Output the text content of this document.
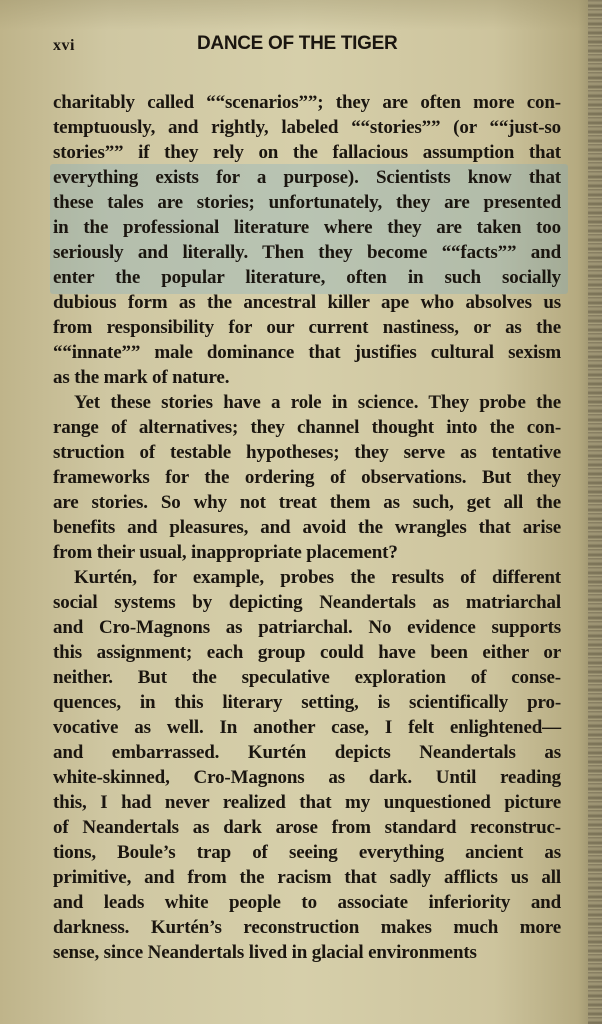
xvi	DANCE OF THE TIGER
charitably called ““scenarios””; they are often more con-
temptuously, and rightly, labeled ““stories”” (or ““just-so
stories”” if they rely on the fallacious assumption that
everything exists for a purpose). Scientists know that
these tales are stories; unfortunately, they are presented
in the professional literature where they are taken too
seriously and literally. Then they become ““facts”” and
enter the popular literature, often in such socially
dubious form as the ancestral killer ape who absolves us
from responsibility for our current nastiness, or as the
““innate”” male dominance that justifies cultural sexism
as the mark of nature.
Yet these stories have a role in science. They probe the
range of alternatives; they channel thought into the con-
struction of testable hypotheses; they serve as tentative
frameworks for the ordering of observations. But they
are stories. So why not treat them as such, get all the
benefits and pleasures, and avoid the wrangles that arise
from their usual, inappropriate placement?
Kurtén, for example, probes the results of different
social systems by depicting Neandertals as matriarchal
and Cro-Magnons as patriarchal. No evidence supports
this assignment; each group could have been either or
neither. But the speculative exploration of conse-
quences, in this literary setting, is scientifically pro-
vocative as well. In another case, I felt enlightened—
and embarrassed. Kurtén depicts Neandertals as
white-skinned, Cro-Magnons as dark. Until reading
this, I had never realized that my unquestioned picture
of Neandertals as dark arose from standard reconstruc-
tions, Boule’s trap of seeing everything ancient as
primitive, and from the racism that sadly afflicts us all
and leads white people to associate inferiority and
darkness. Kurtén’s reconstruction makes much more
sense, since Neandertals lived in glacial environments
